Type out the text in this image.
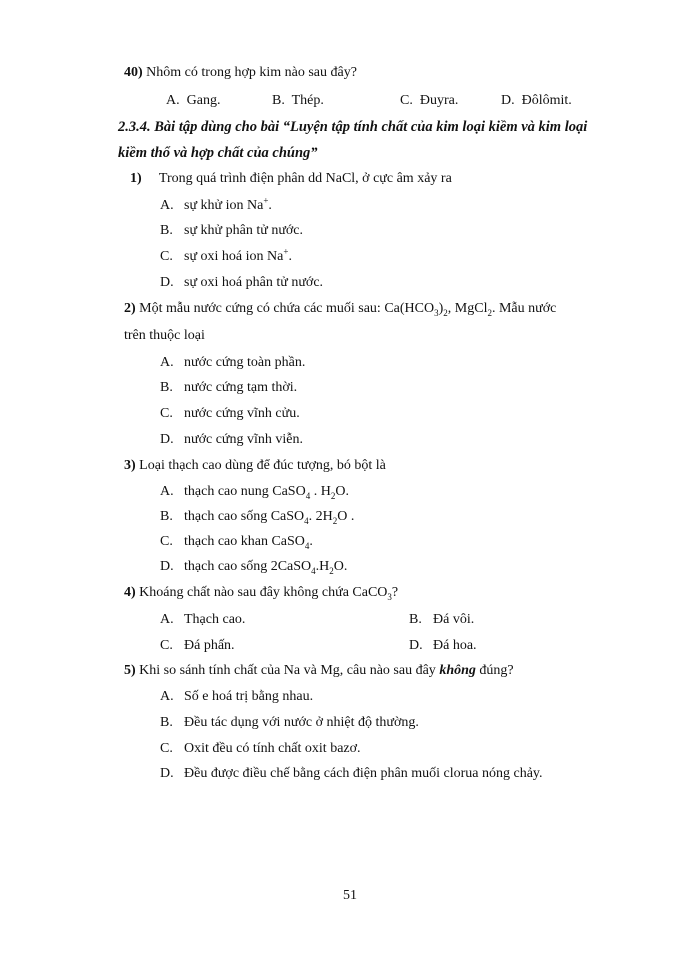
40) Nhôm có trong hợp kim nào sau đây?
A. Gang.	B. Thép.	C. Đuyra.	D. Đôlômit.
2.3.4. Bài tập dùng cho bài “Luyện tập tính chất của kim loại kiềm và kim loại
kiềm thổ và hợp chất của chúng”
1) Trong quá trình điện phân dd NaCl, ở cực âm xảy ra
A. sự khử ion Na+.
B. sự khử phân tử nước.
C. sự oxi hoá ion Na+.
D. sự oxi hoá phân tử nước.
2) Một mẫu nước cứng có chứa các muối sau: $Ca(HCO_3)_2$, MgCl$_2$. Mẫu nước
trên thuộc loại
A. nước cứng toàn phần.
B. nước cứng tạm thời.
C. nước cứng vĩnh cửu.
D. nước cứng vĩnh viễn.
3) Loại thạch cao dùng để đúc tượng, bó bột là
A. thạch cao nung CaSO$_4$ . $H_2O$.
B. thạch cao sống CaSO$_4$. $2H_2O$ .
C. thạch cao khan CaSO$_4$.
D. thạch cao sống $2CaSO_4.H_2O$.
4) Khoáng chất nào sau đây không chứa CaCO$_3$?
A. Thạch cao.	B. Đá vôi.
C. Đá phấn.	D. Đá hoa.
5) Khi so sánh tính chất của Na và Mg, câu nào sau đây không đúng?
A. Số e hoá trị bằng nhau.
B. Đều tác dụng với nước ở nhiệt độ thường.
C. Oxit đều có tính chất oxit bazơ.
D. Đều được điều chế bằng cách điện phân muối clorua nóng chảy.
51
